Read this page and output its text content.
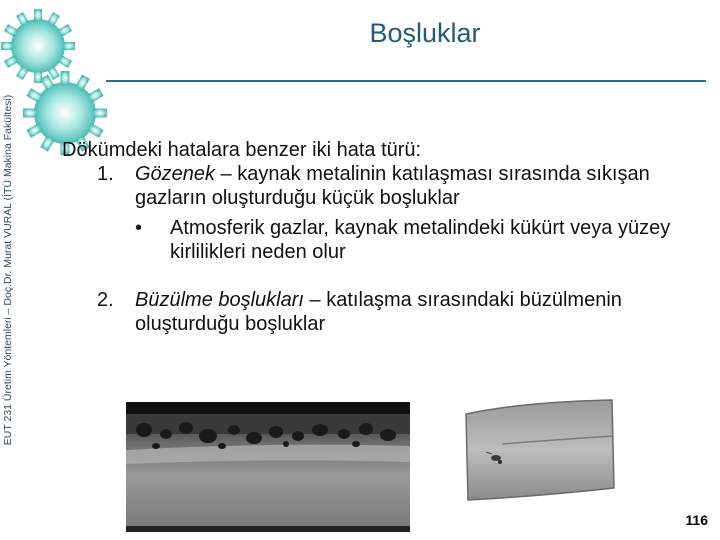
EUT 231 Üretim Yöntemleri – Doç.Dr. Murat VURAL (İTÜ Makina Fakültesi)
Boşluklar

Dökümdeki hatalara benzer iki hata türü:

1. Gözenek – kaynak metalinin katılaşması sırasında sıkışan gazların oluşturduğu küçük boşluklar

•	Atmosferik gazlar, kaynak metalindeki kükürt veya yüzey kirlilikleri neden olur

2. Büzülme boşlukları – katılaşma sırasındaki büzülmenin oluşturduğu boşluklar

116
